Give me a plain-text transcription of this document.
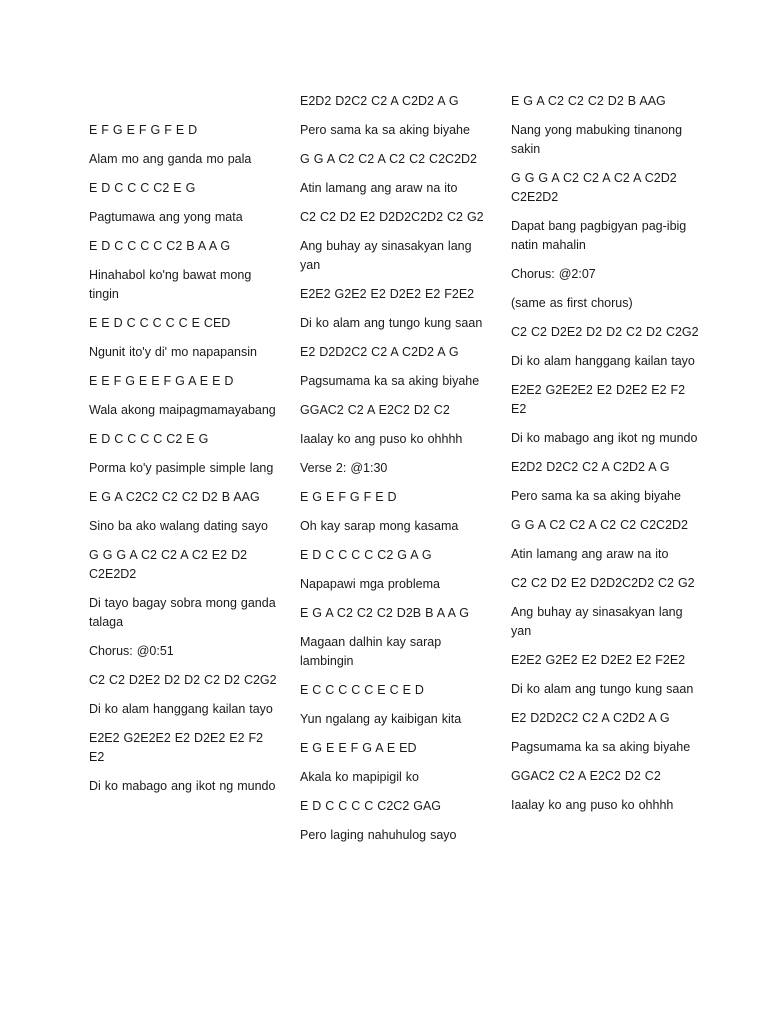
E F G E F G F E D

Alam mo ang ganda mo pala

E D C C C C2 E G

Pagtumawa ang yong mata

E D C C C C C2 B A A G

Hinahabol ko'ng bawat mong tingin

E E D C C C C C E CED

Ngunit ito'y di' mo napapansin

E E F G E E F G A E E D

Wala akong maipagmamayabang

E D C C C C C2 E G

Porma ko'y pasimple simple lang

E G A C2C2 C2 C2 D2 B AAG

Sino ba ako walang dating sayo

G G G A C2 C2 A C2 E2 D2 C2E2D2

Di tayo bagay sobra mong ganda talaga

Chorus: @0:51

C2 C2 D2E2 D2 D2 C2 D2 C2G2

Di ko alam hanggang kailan tayo

E2E2 G2E2E2 E2 D2E2 E2 F2 E2

Di ko mabago ang ikot ng mundo

E2D2 D2C2 C2 A C2D2 A G

Pero sama ka sa aking biyahe

G G A C2 C2 A C2 C2 C2C2D2

Atin lamang ang araw na ito

C2 C2 D2 E2 D2D2C2D2 C2 G2

Ang buhay ay sinasakyan lang yan

E2E2 G2E2 E2 D2E2 E2 F2E2

Di ko alam ang tungo kung saan

E2 D2D2C2 C2 A C2D2 A G

Pagsumama ka sa aking biyahe

GGAC2 C2 A E2C2 D2 C2

Iaalay ko ang puso ko ohhhh

Verse 2: @1:30

E G E F G F E D

Oh kay sarap mong kasama

E D C C C C C2 G A G

Napapawi mga problema

E G A C2 C2 C2 D2B B A A G

Magaan dalhin kay sarap lambingin

E C C C C C E C E D

Yun ngalang ay kaibigan kita

E G E E F G A E ED

Akala ko mapipigil ko

E D C C C C C2C2 GAG

Pero laging nahuhulog sayo

E G A C2 C2 C2 D2 B AAG

Nang yong mabuking tinanong sakin

G G G A C2 C2 A C2 A C2D2 C2E2D2

Dapat bang pagbigyan pag-ibig natin mahalin

Chorus: @2:07

(same as first chorus)

C2 C2 D2E2 D2 D2 C2 D2 C2G2

Di ko alam hanggang kailan tayo

E2E2 G2E2E2 E2 D2E2 E2 F2 E2

Di ko mabago ang ikot ng mundo

E2D2 D2C2 C2 A C2D2 A G

Pero sama ka sa aking biyahe

G G A C2 C2 A C2 C2 C2C2D2

Atin lamang ang araw na ito

C2 C2 D2 E2 D2D2C2D2 C2 G2

Ang buhay ay sinasakyan lang yan

E2E2 G2E2 E2 D2E2 E2 F2E2

Di ko alam ang tungo kung saan

E2 D2D2C2 C2 A C2D2 A G

Pagsumama ka sa aking biyahe

GGAC2 C2 A E2C2 D2 C2

Iaalay ko ang puso ko ohhhh
